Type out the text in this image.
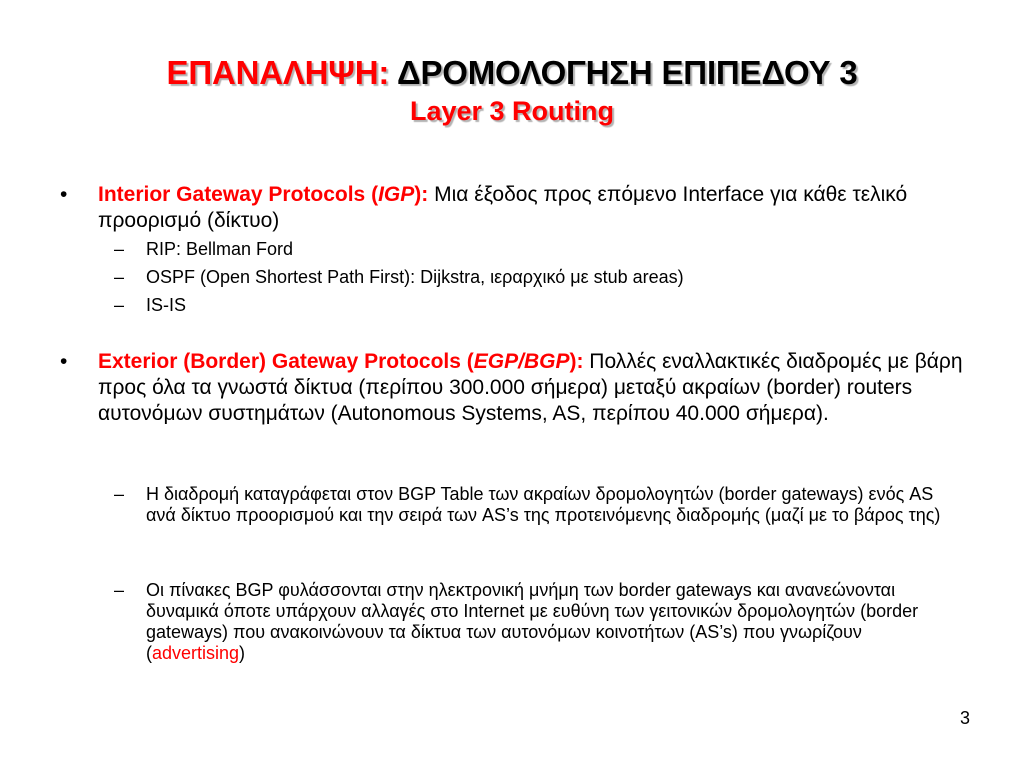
ΕΠΑΝΑΛΗΨΗ: ΔΡΟΜΟΛΟΓΗΣΗ ΕΠΙΠΕΔΟΥ 3
Layer 3 Routing
• Interior Gateway Protocols (IGP): Μια έξοδος προς επόμενο Interface για κάθε τελικό προορισμό (δίκτυο)
– RIP: Bellman Ford
– OSPF (Open Shortest Path First): Dijkstra, ιεραρχικό με stub areas)
– IS-IS
• Exterior (Border) Gateway Protocols (EGP/BGP): Πολλές εναλλακτικές διαδρομές με βάρη προς όλα τα γνωστά δίκτυα (περίπου 300.000 σήμερα) μεταξύ ακραίων (border) routers αυτονόμων συστημάτων (Autonomous Systems, AS, περίπου 40.000 σήμερα).
– Η διαδρομή καταγράφεται στον BGP Table των ακραίων δρομολογητών (border gateways) ενός AS ανά δίκτυο προορισμού και την σειρά των AS’s της προτεινόμενης διαδρομής (μαζί με το βάρος της)
– Οι πίνακες BGP φυλάσσονται στην ηλεκτρονική μνήμη των border gateways και ανανεώνονται δυναμικά όποτε υπάρχουν αλλαγές στο Internet με ευθύνη των γειτονικών δρομολογητών (border gateways) που ανακοινώνουν τα δίκτυα των αυτονόμων κοινοτήτων (AS’s) που γνωρίζουν (advertising)
3
